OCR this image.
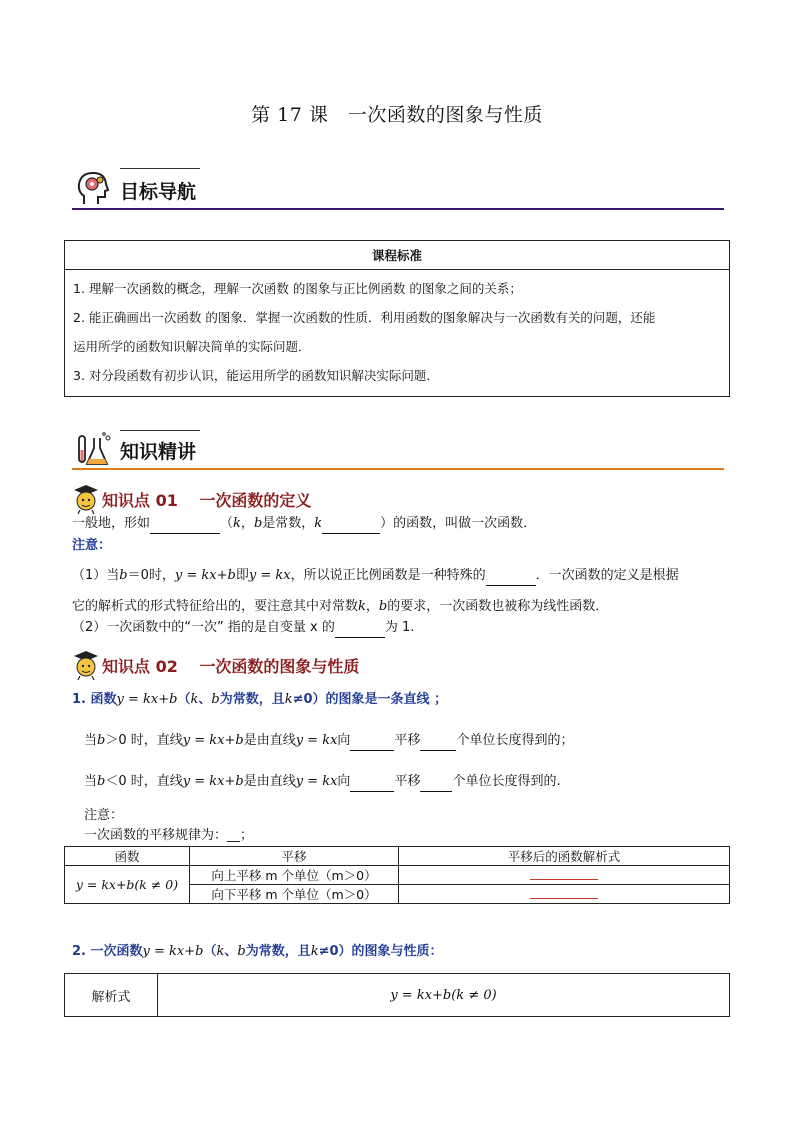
第 17 课　一次函数的图象与性质
目标导航
课程标准

1. 理解一次函数的概念，理解一次函数 的图象与正比例函数 的图象之间的关系；
2. 能正确画出一次函数 的图象．掌握一次函数的性质．利用函数的图象解决与一次函数有关的问题，还能
运用所学的函数知识解决简单的实际问题．
3. 对分段函数有初步认识，能运用所学的函数知识解决实际问题．
知识精讲
知识点 01　 一次函数的定义
一般地，形如	（k，b是常数，k	）的函数，叫做一次函数．
注意：
（1）当b＝0时，y = kx+b即y = kx，所以说正比例函数是一种特殊的	．一次函数的定义是根据
它的解析式的形式特征给出的，要注意其中对常数k，b的要求，一次函数也被称为线性函数．
（2）一次函数中的“一次” 指的是自变量 x 的	为 1.
知识点 02　 一次函数的图象与性质
1. 函数y = kx+b（k、b为常数，且k≠0）的图象是一条直线 ；
当b＞0 时，直线y = kx+b是由直线y = kx向	平移	个单位长度得到的；
当b＜0 时，直线y = kx+b是由直线y = kx向	平移 个单位长度得到的.
注意：
一次函数的平移规律为：__；
函数	平移	平移后的函数解析式
y = kx+b(k ≠ 0)	向上平移 m 个单位（m＞0）	
	向下平移 m 个单位（m＞0）	
2. 一次函数y = kx+b（k、b为常数，且k≠0）的图象与性质：
解析式	y = kx+b(k ≠ 0)
